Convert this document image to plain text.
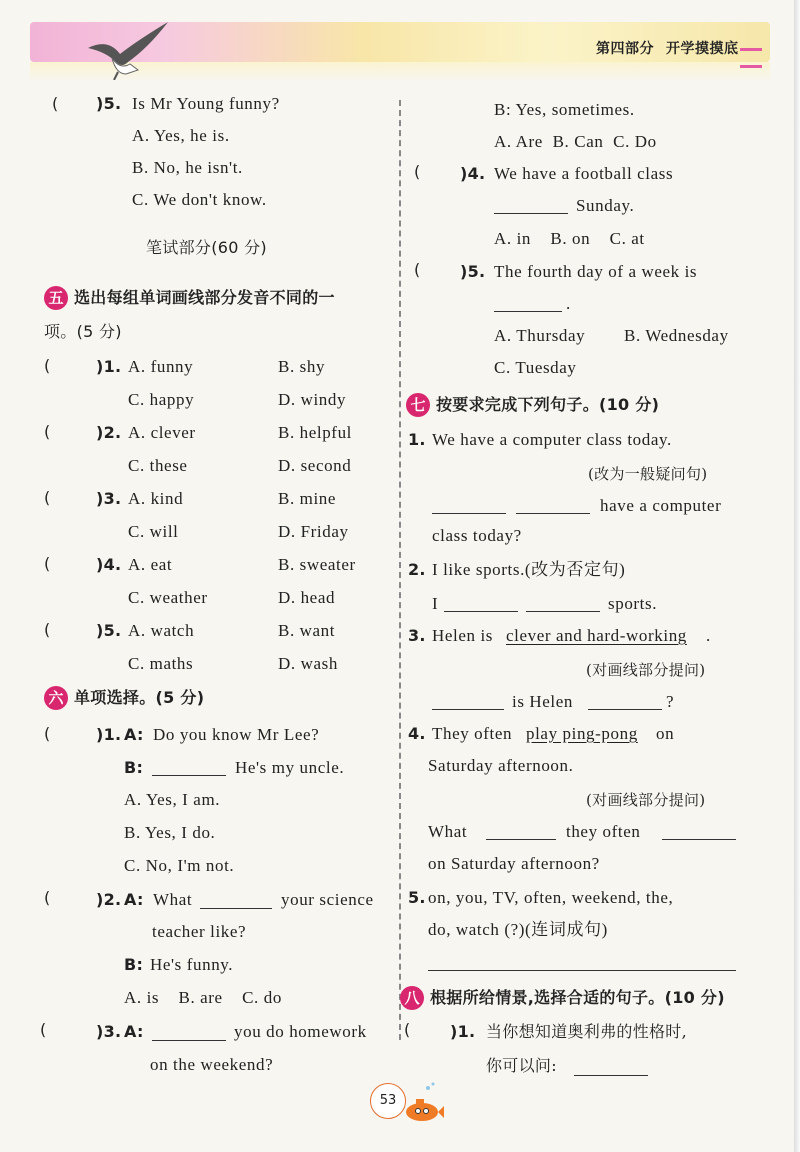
第四部分 开学摸摸底
( )5. Is Mr Young funny?
A. Yes, he is.
B. No, he isn't.
C. We don't know.
笔试部分(60 分)
五 选出每组单词画线部分发音不同的一
项。(5 分)
(	)1. A. funny	B. shy
C. happy	D. windy
(	)2. A. clever	B. helpful
C. these	D. second
(	)3. A. kind	B. mine
C. will	D. Friday
(	)4. A. eat	B. sweater
C. weather	D. head
(	)5. A. watch	B. want
C. maths	D. wash
六 单项选择。(5 分)
(	)1. A: Do you know Mr Lee?
B:	He's my uncle.
A. Yes, I am.
B. Yes, I do.
C. No, I'm not.
(	)2. A: What	your science
teacher like?
B: He's funny.
A. is    B. are    C. do
(	)3. A:	you do homework
on the weekend?
B: Yes, sometimes.
A. Are  B. Can  C. Do
( )4. We have a football class
Sunday.
A. in    B. on    C. at
( )5. The fourth day of a week is
.
A. Thursday B. Wednesday
C. Tuesday
七 按要求完成下列句子。(10 分)
1. We have a computer class today.
(改为一般疑问句)
have a computer
class today?
2. I like sports.(改为否定句)
I	sports.
3. Helen is clever and hard-working .
(对画线部分提问)
is Helen	?
4. They often play ping-pong on
Saturday afternoon.
(对画线部分提问)
What	they often
on Saturday afternoon?
5. on, you, TV, often, weekend, the,
do, watch (?)(连词成句)
八 根据所给情景,选择合适的句子。(10 分)
( )1. 当你想知道奥利弗的性格时,
你可以问:
53
